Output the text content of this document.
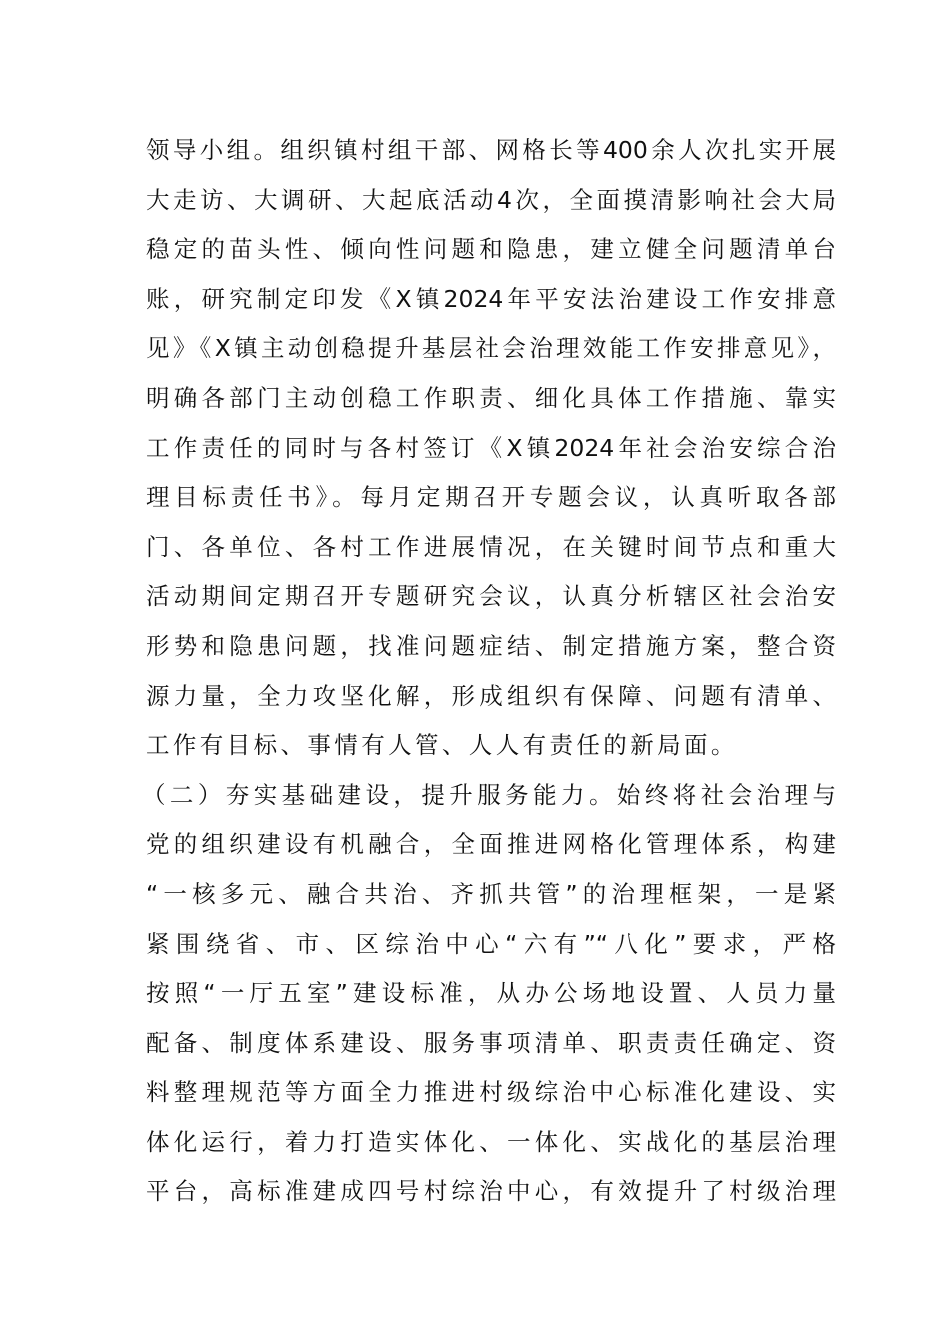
领导小组。组织镇村组干部、网格长等400余人次扎实开展
大走访、大调研、大起底活动4次，全面摸清影响社会大局
稳定的苗头性、倾向性问题和隐患，建立健全问题清单台
账，研究制定印发《X镇2024年平安法治建设工作安排意
见》《X镇主动创稳提升基层社会治理效能工作安排意见》，
明确各部门主动创稳工作职责、细化具体工作措施、靠实
工作责任的同时与各村签订《X镇2024年社会治安综合治
理目标责任书》。每月定期召开专题会议，认真听取各部
门、各单位、各村工作进展情况，在关键时间节点和重大
活动期间定期召开专题研究会议，认真分析辖区社会治安
形势和隐患问题，找准问题症结、制定措施方案，整合资
源力量，全力攻坚化解，形成组织有保障、问题有清单、
工作有目标、事情有人管、人人有责任的新局面。
（二）夯实基础建设，提升服务能力。始终将社会治理与
党的组织建设有机融合，全面推进网格化管理体系，构建
“一核多元、融合共治、齐抓共管”的治理框架，一是紧
紧围绕省、市、区综治中心“六有”“八化”要求，严格
按照“一厅五室”建设标准，从办公场地设置、人员力量
配备、制度体系建设、服务事项清单、职责责任确定、资
料整理规范等方面全力推进村级综治中心标准化建设、实
体化运行，着力打造实体化、一体化、实战化的基层治理
平台，高标准建成四号村综治中心，有效提升了村级治理
